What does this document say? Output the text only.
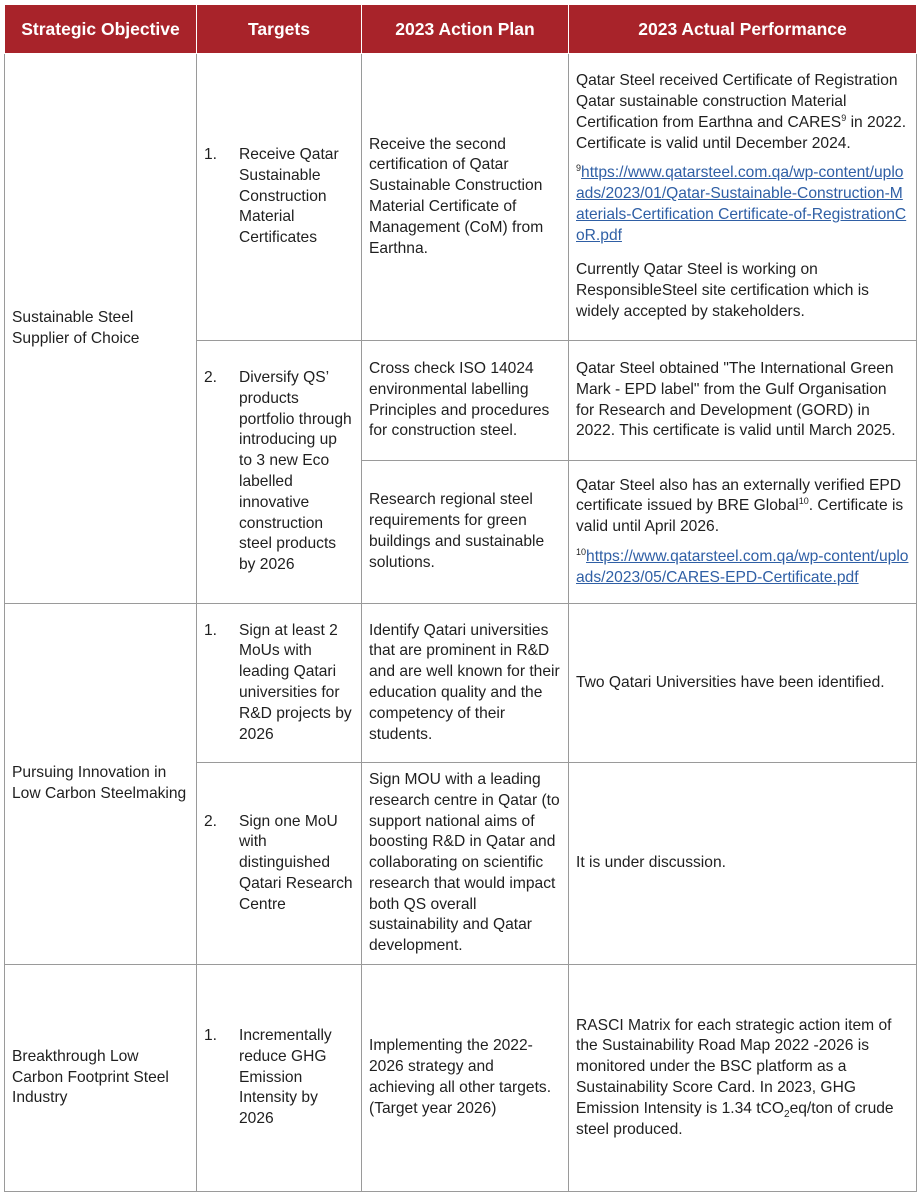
Strategic Objective	Targets	2023 Action Plan	2023 Actual Performance
Sustainable Steel Supplier of Choice	1. Receive Qatar Sustainable Construction Material Certificates	Receive the second certification of Qatar Sustainable Construction Material Certificate of Management (CoM) from Earthna.	Qatar Steel received Certificate of Registration Qatar sustainable construction Material Certification from Earthna and CARES$^9$ in 2022. Certificate is valid until December 2024.
$^9$https://www.qatarsteel.com.qa/wp-content/uploads/2023/01/Qatar-Sustainable-Construction-Materials-Certification Certificate-of-RegistrationCoR.pdf
Currently Qatar Steel is working on ResponsibleSteel site certification which is widely accepted by stakeholders.

	2. Diversify QS’ products portfolio through introducing up to 3 new Eco labelled innovative construction steel products by 2026	Cross check ISO 14024 environmental labelling Principles and procedures for construction steel.	Qatar Steel obtained "The International Green Mark - EPD label" from the Gulf Organisation for Research and Development (GORD) in 2022. This certificate is valid until March 2025.
		Research regional steel requirements for green buildings and sustainable solutions.	Qatar Steel also has an externally verified EPD certificate issued by BRE Global$^{10}$. Certificate is valid until April 2026.
$^{10}$https://www.qatarsteel.com.qa/wp-content/uploads/2023/05/CARES-EPD-Certificate.pdf

Pursuing Innovation in Low Carbon Steelmaking	1. Sign at least 2 MoUs with leading Qatari universities for R&D projects by 2026	Identify Qatari universities that are prominent in R&D and are well known for their education quality and the competency of their students.	Two Qatari Universities have been identified.

	2. Sign one MoU with distinguished Qatari Research Centre	Sign MOU with a leading research centre in Qatar (to support national aims of boosting R&D in Qatar and collaborating on scientific research that would impact both QS overall sustainability and Qatar development.	It is under discussion.
Breakthrough Low Carbon Footprint Steel Industry	1. Incrementally reduce GHG Emission Intensity by 2026	Implementing the 2022-2026 strategy and achieving all other targets. (Target year 2026)	RASCI Matrix for each strategic action item of the Sustainability Road Map 2022 -2026 is monitored under the BSC platform as a Sustainability Score Card. In 2023, GHG Emission Intensity is 1.34 tCO$_2$eq/ton of crude steel produced.
